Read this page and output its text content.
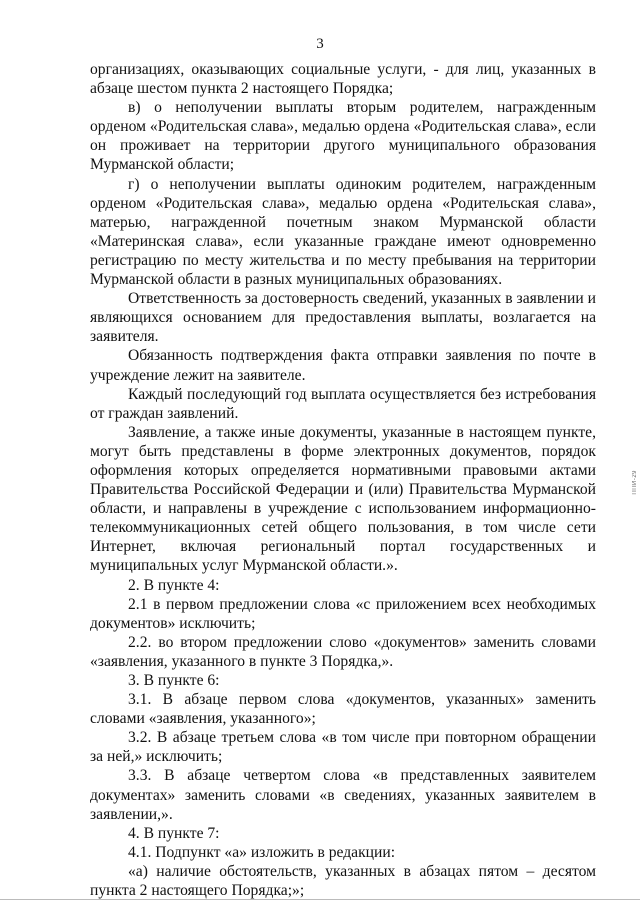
3

организациях, оказывающих социальные услуги, - для лиц, указанных в абзаце шестом пункта 2 настоящего Порядка;

в) о неполучении выплаты вторым родителем, награжденным орденом «Родительская слава», медалью ордена «Родительская слава», если он проживает на территории другого муниципального образования Мурманской области;

г) о неполучении выплаты одиноким родителем, награжденным орденом «Родительская слава», медалью ордена «Родительская слава», матерью, награжденной почетным знаком Мурманской области «Материнская слава», если указанные граждане имеют одновременно регистрацию по месту жительства и по месту пребывания на территории Мурманской области в разных муниципальных образованиях.

Ответственность за достоверность сведений, указанных в заявлении и являющихся основанием для предоставления выплаты, возлагается на заявителя.

Обязанность подтверждения факта отправки заявления по почте в учреждение лежит на заявителе.

Каждый последующий год выплата осуществляется без истребования от граждан заявлений.

Заявление, а также иные документы, указанные в настоящем пункте, могут быть представлены в форме электронных документов, порядок оформления которых определяется нормативными правовыми актами Правительства Российской Федерации и (или) Правительства Мурманской области, и направлены в учреждение с использованием информационно-телекоммуникационных сетей общего пользования, в том числе сети Интернет, включая региональный портал государственных и муниципальных услуг Мурманской области.».

2. В пункте 4:

2.1 в первом предложении слова «с приложением всех необходимых документов» исключить;

2.2. во втором предложении слово «документов» заменить словами «заявления, указанного в пункте 3 Порядка,».

3. В пункте 6:

3.1. В абзаце первом слова «документов, указанных» заменить словами «заявления, указанного»;

3.2. В абзаце третьем слова «в том числе при повторном обращении за ней,» исключить;

3.3. В абзаце четвертом слова «в представленных заявителем документах» заменить словами «в сведениях, указанных заявителем в заявлении,».

4. В пункте 7:

4.1. Подпункт «а» изложить в редакции:

«а) наличие обстоятельств, указанных в абзацах пятом – десятом пункта 2 настоящего Порядка;»;

ППИ-29
